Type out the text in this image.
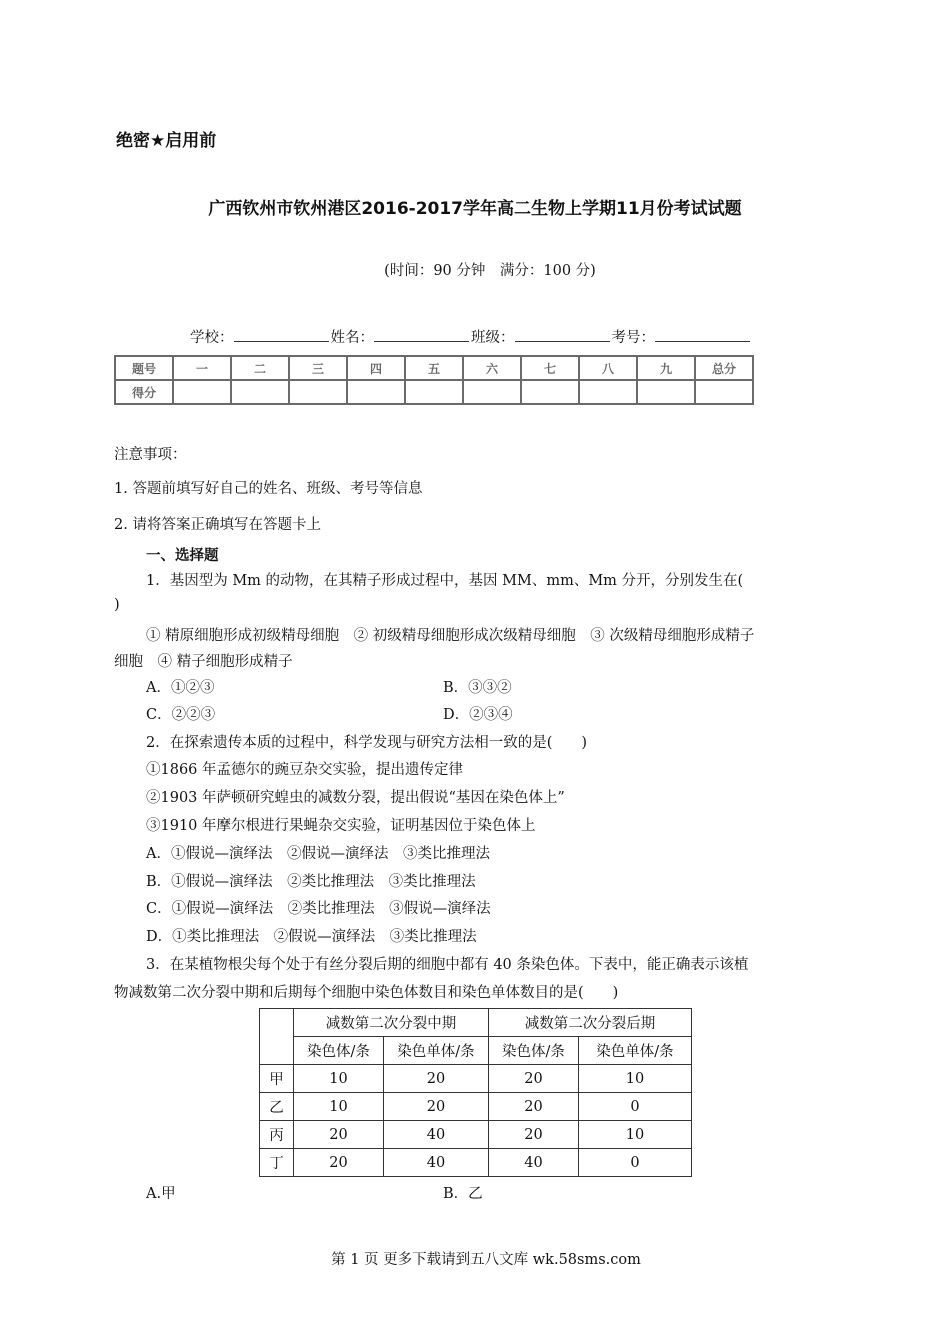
绝密★启用前
广西钦州市钦州港区2016-2017学年高二生物上学期11月份考试试题
(时间：90 分钟　满分：100 分)
学校：	姓名：	班级：	考号：
题号	一	二	三	四	五	六	七	八	九	总分
得分										
注意事项：
1. 答题前填写好自己的姓名、班级、考号等信息
2. 请将答案正确填写在答题卡上
一、选择题
1．基因型为 Mm 的动物，在其精子形成过程中，基因 MM、mm、Mm 分开，分别发生在(
)
① 精原细胞形成初级精母细胞　② 初级精母细胞形成次级精母细胞　③ 次级精母细胞形成精子
细胞　④ 精子细胞形成精子
A．①②③	B．③③②
C．②②③	D．②③④
2．在探索遗传本质的过程中，科学发现与研究方法相一致的是(　　)
①1866 年孟德尔的豌豆杂交实验，提出遗传定律
②1903 年萨顿研究蝗虫的减数分裂，提出假说“基因在染色体上”
③1910 年摩尔根进行果蝇杂交实验，证明基因位于染色体上
A．①假说—演绎法　②假说—演绎法　③类比推理法
B．①假说—演绎法　②类比推理法　③类比推理法
C．①假说—演绎法　②类比推理法　③假说—演绎法
D．①类比推理法　②假说—演绎法　③类比推理法
3．在某植物根尖每个处于有丝分裂后期的细胞中都有 40 条染色体。下表中，能正确表示该植
物减数第二次分裂中期和后期每个细胞中染色体数目和染色单体数目的是(　　)
	减数第二次分裂中期		减数第二次分裂后期	
	染色体/条	染色单体/条	染色体/条	染色单体/条
甲	10	20	20	10
乙	10	20	20	0
丙	20	40	20	10
丁	20	40	40	0
A.甲	B．乙
第 1 页 更多下载请到五八文库 wk.58sms.com
